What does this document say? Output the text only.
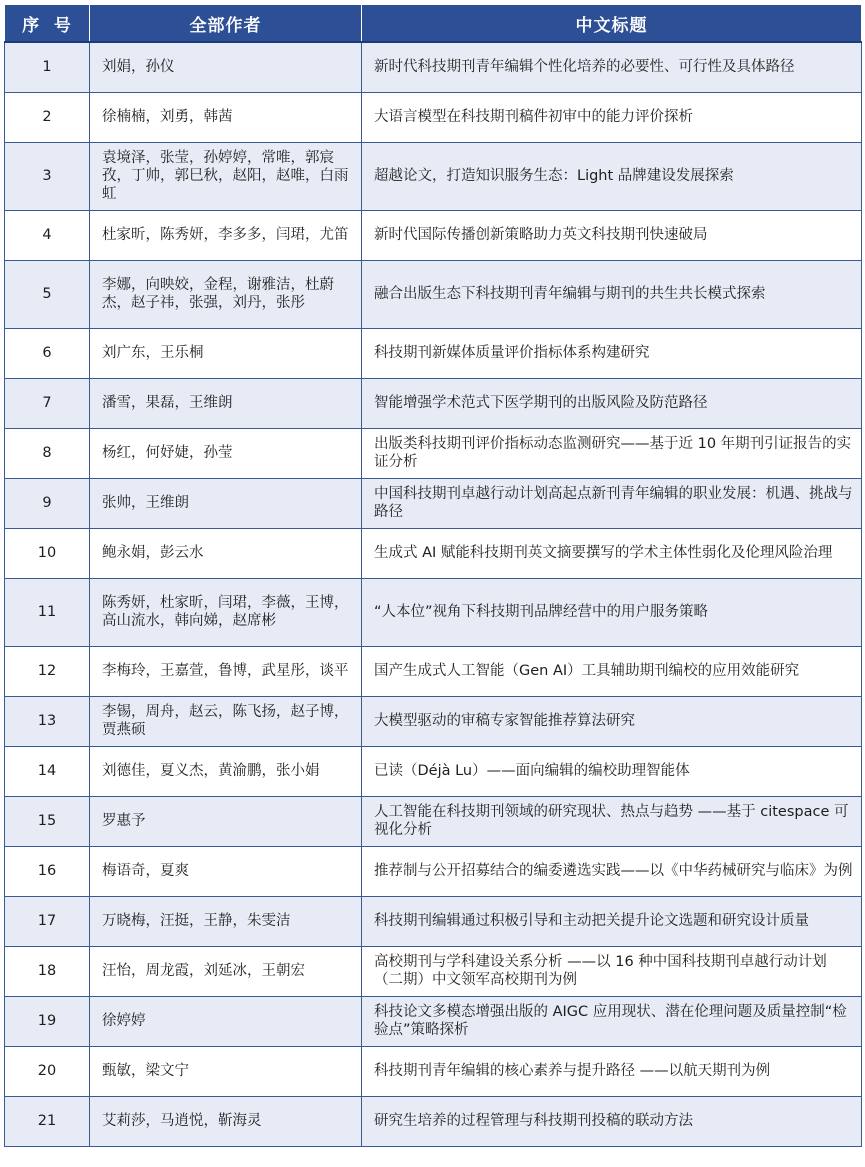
序  号	全部作者	中文标题
1	刘娟，孙仪	新时代科技期刊青年编辑个性化培养的必要性、可行性及具体路径
2	徐楠楠，刘勇，韩茜	大语言模型在科技期刊稿件初审中的能力评价探析
3	袁境泽，张莹，孙婷婷，常唯，郭宸孜，丁帅，郭巳秋，赵阳，赵唯，白雨虹	超越论文，打造知识服务生态：Light 品牌建设发展探索
4	杜家昕，陈秀妍，李多多，闫珺，尤笛	新时代国际传播创新策略助力英文科技期刊快速破局
5	李娜，向映姣，金程，谢雅洁，杜蔚杰，赵子祎，张强，刘丹，张彤	融合出版生态下科技期刊青年编辑与期刊的共生共长模式探索
6	刘广东，王乐桐	科技期刊新媒体质量评价指标体系构建研究
7	潘雪，果磊，王维朗	智能增强学术范式下医学期刊的出版风险及防范路径
8	杨红，何妤婕，孙莹	出版类科技期刊评价指标动态监测研究——基于近 10 年期刊引证报告的实证分析
9	张帅，王维朗	中国科技期刊卓越行动计划高起点新刊青年编辑的职业发展：机遇、挑战与路径
10	鲍永娟，彭云水	生成式 AI 赋能科技期刊英文摘要撰写的学术主体性弱化及伦理风险治理
11	陈秀妍，杜家昕，闫珺，李薇，王博，高山流水，韩向娣，赵席彬	“人本位”视角下科技期刊品牌经营中的用户服务策略
12	李梅玲，王嘉萱，鲁博，武星彤，谈平	国产生成式人工智能（Gen AI）工具辅助期刊编校的应用效能研究
13	李锡，周舟，赵云，陈飞扬，赵子博，贾燕硕	大模型驱动的审稿专家智能推荐算法研究
14	刘德佳，夏义杰，黄渝鹏，张小娟	已读（Déjà Lu）——面向编辑的编校助理智能体
15	罗惠予	人工智能在科技期刊领域的研究现状、热点与趋势 ——基于 citespace 可视化分析
16	梅语奇，夏爽	推荐制与公开招募结合的编委遴选实践——以《中华药械研究与临床》为例
17	万晓梅，汪挺，王静，朱雯洁	科技期刊编辑通过积极引导和主动把关提升论文选题和研究设计质量
18	汪怡，周龙霞，刘延冰，王朝宏	高校期刊与学科建设关系分析 ——以 16 种中国科技期刊卓越行动计划（二期）中文领军高校期刊为例
19	徐婷婷	科技论文多模态增强出版的 AIGC 应用现状、潜在伦理问题及质量控制“检验点”策略探析
20	甄敏，梁文宁	科技期刊青年编辑的核心素养与提升路径 ——以航天期刊为例
21	艾莉莎，马逍悦，靳海灵	研究生培养的过程管理与科技期刊投稿的联动方法
